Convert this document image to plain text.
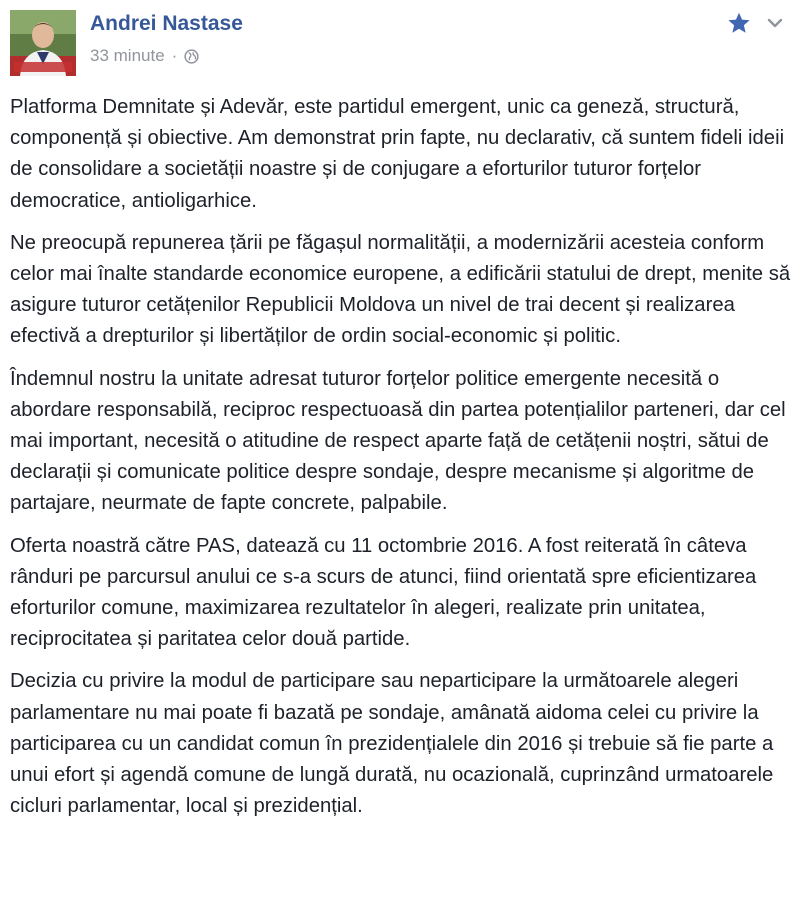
Andrei Nastase
33 minute ·

Platforma Demnitate și Adevăr, este partidul emergent, unic ca geneză, structură, componență și obiective. Am demonstrat prin fapte, nu declarativ, că suntem fideli ideii de consolidare a societății noastre și de conjugare a eforturilor tuturor forțelor democratice, antioligarhice.

Ne preocupă repunerea țării pe făgașul normalității, a modernizării acesteia conform celor mai înalte standarde economice europene, a edificării statului de drept, menite să asigure tuturor cetățenilor Republicii Moldova un nivel de trai decent și realizarea efectivă a drepturilor și libertăților de ordin social-economic și politic.

Îndemnul nostru la unitate adresat tuturor forțelor politice emergente necesită o abordare responsabilă, reciproc respectuoasă din partea potențialilor parteneri, dar cel mai important, necesită o atitudine de respect aparte față de cetățenii noștri, sătui de declarații și comunicate politice despre sondaje, despre mecanisme și algoritme de partajare, neurmate de fapte concrete, palpabile.

Oferta noastră către PAS, datează cu 11 octombrie 2016. A fost reiterată în câteva rânduri pe parcursul anului ce s-a scurs de atunci, fiind orientată spre eficientizarea eforturilor comune, maximizarea rezultatelor în alegeri, realizate prin unitatea, reciprocitatea și paritatea celor două partide.

Decizia cu privire la modul de participare sau neparticipare la următoarele alegeri parlamentare nu mai poate fi bazată pe sondaje, amânată aidoma celei cu privire la participarea cu un candidat comun în prezidențialele din 2016 și trebuie să fie parte a unui efort și agendă comune de lungă durată, nu ocazională, cuprinzând urmatoarele cicluri parlamentar, local și prezidențial.
